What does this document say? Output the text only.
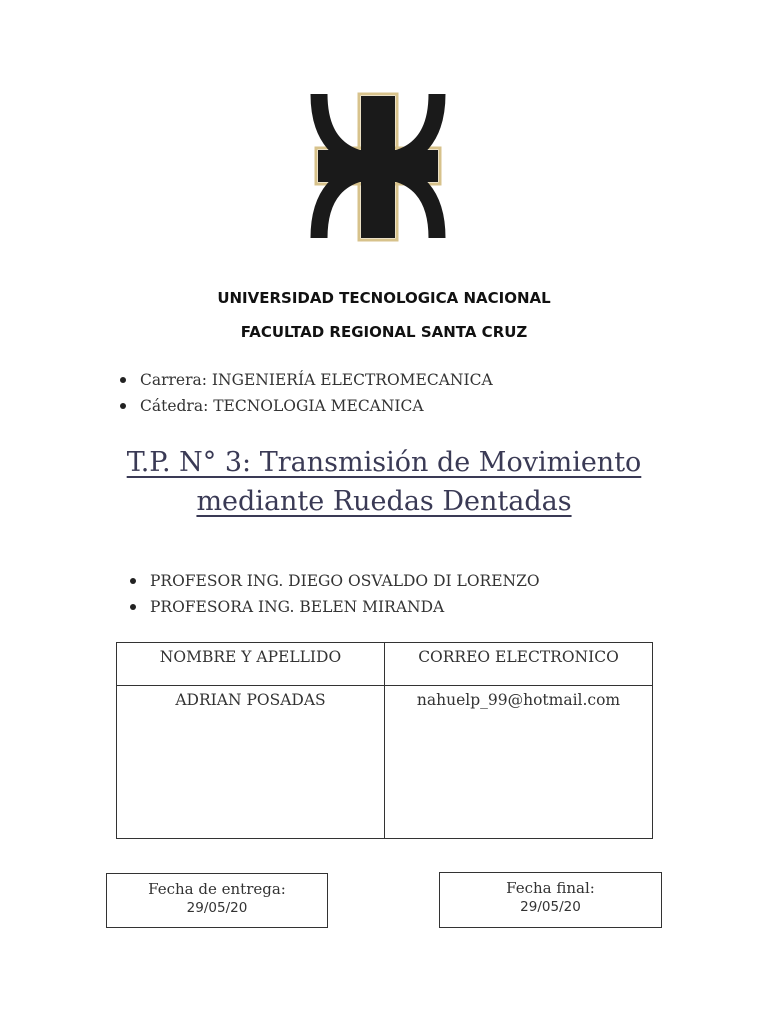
UNIVERSIDAD TECNOLOGICA NACIONAL
FACULTAD REGIONAL SANTA CRUZ
Carrera: INGENIERÍA ELECTROMECANICA
Cátedra: TECNOLOGIA MECANICA
T.P. N° 3: Transmisión de Movimiento
mediante Ruedas Dentadas
PROFESOR ING. DIEGO OSVALDO DI LORENZO
PROFESORA ING. BELEN MIRANDA
NOMBRE Y APELLIDO	CORREO ELECTRONICO
ADRIAN POSADAS	nahuelp_99@hotmail.com
Fecha de entrega:
29/05/20
Fecha final:
29/05/20
